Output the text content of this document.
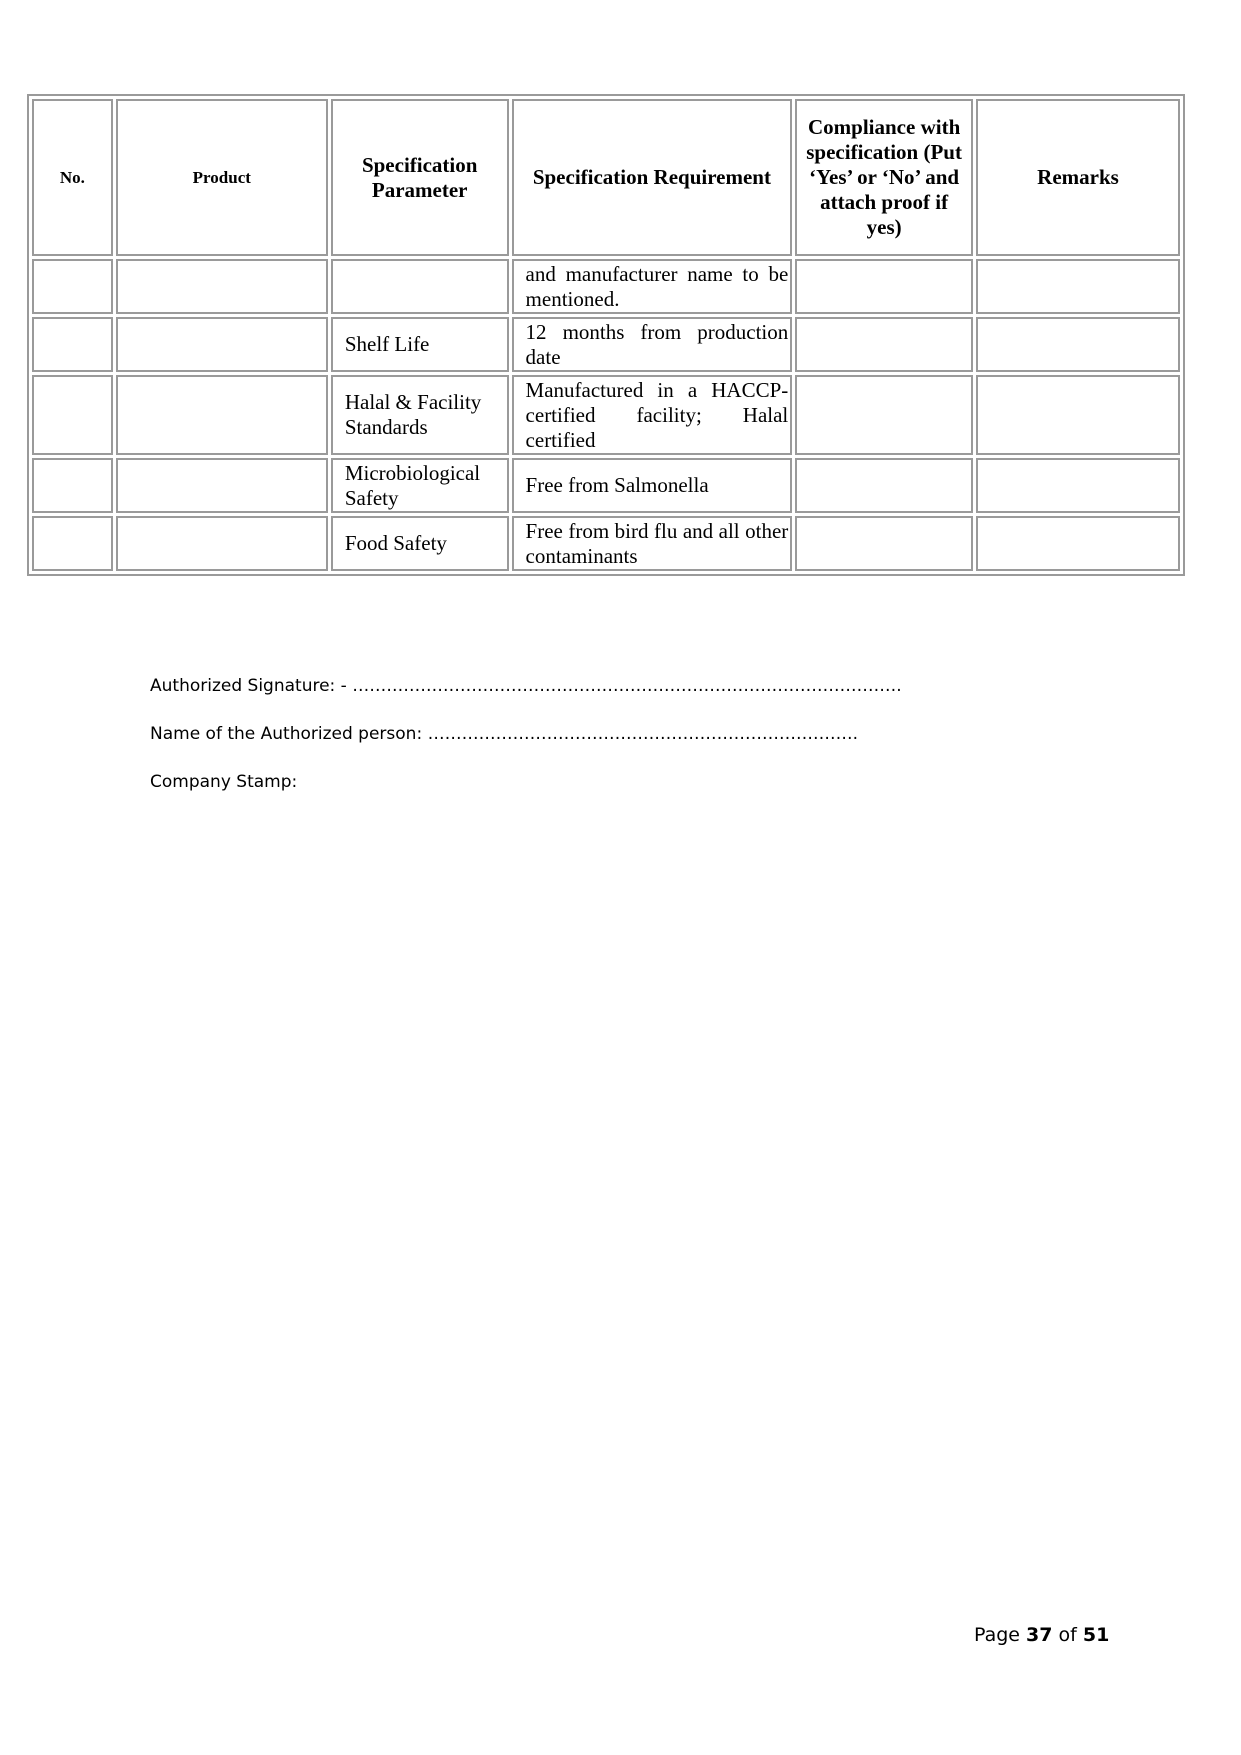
No.	Product	Specification Parameter	Specification Requirement	Compliance with specification (Put ‘Yes’ or ‘No’ and attach proof if yes)	Remarks
			and manufacturer name to be mentioned.		
		Shelf Life	12 months from production date		
		Halal & Facility Standards	Manufactured in a HACCP-certified facility; Halal certified		
		Microbiological Safety	Free from Salmonella		
		Food Safety	Free from bird flu and all other contaminants		
Authorized Signature: - …………………………………………………………………………………….
Name of the Authorized person: ………………………………………………………………….
Company Stamp:
Page 37 of 51
